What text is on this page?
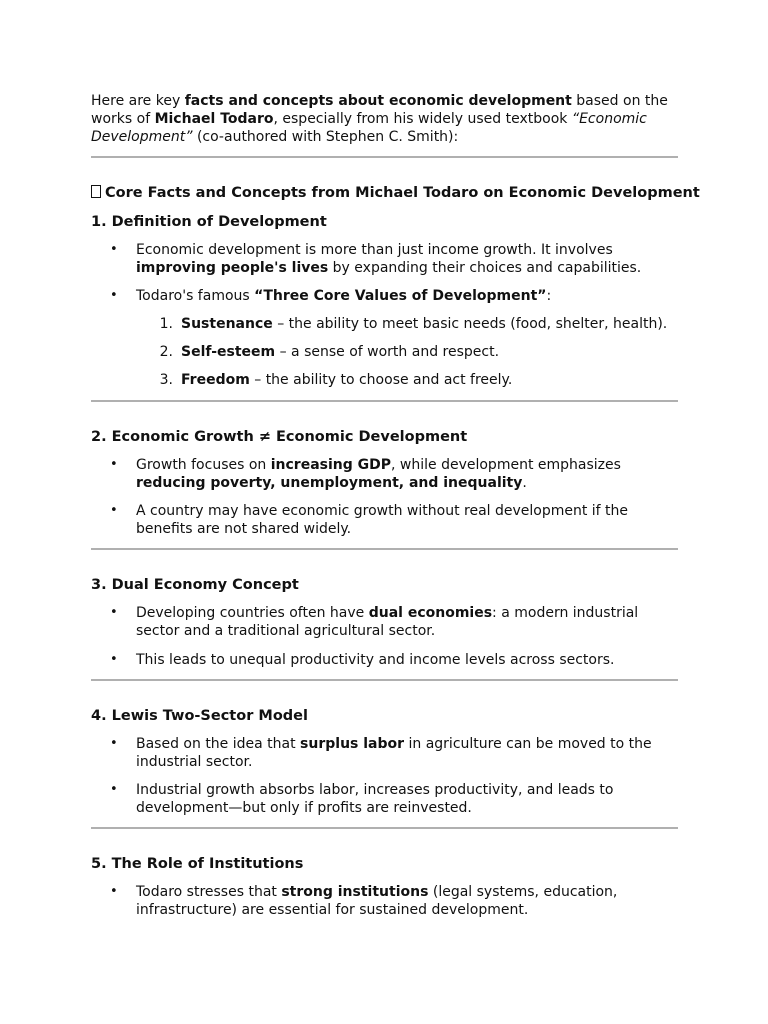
Here are key facts and concepts about economic development based on the works of Michael Todaro, especially from his widely used textbook “Economic Development” (co-authored with Stephen C. Smith):
Core Facts and Concepts from Michael Todaro on Economic Development
1. Definition of Development
• Economic development is more than just income growth. It involves improving people's lives by expanding their choices and capabilities.
• Todaro's famous “Three Core Values of Development”:
1. Sustenance – the ability to meet basic needs (food, shelter, health).
2. Self-esteem – a sense of worth and respect.
3. Freedom – the ability to choose and act freely.
2. Economic Growth ≠ Economic Development
• Growth focuses on increasing GDP, while development emphasizes reducing poverty, unemployment, and inequality.
• A country may have economic growth without real development if the benefits are not shared widely.
3. Dual Economy Concept
• Developing countries often have dual economies: a modern industrial sector and a traditional agricultural sector.
• This leads to unequal productivity and income levels across sectors.
4. Lewis Two-Sector Model
• Based on the idea that surplus labor in agriculture can be moved to the industrial sector.
• Industrial growth absorbs labor, increases productivity, and leads to development—but only if profits are reinvested.
5. The Role of Institutions
• Todaro stresses that strong institutions (legal systems, education, infrastructure) are essential for sustained development.
